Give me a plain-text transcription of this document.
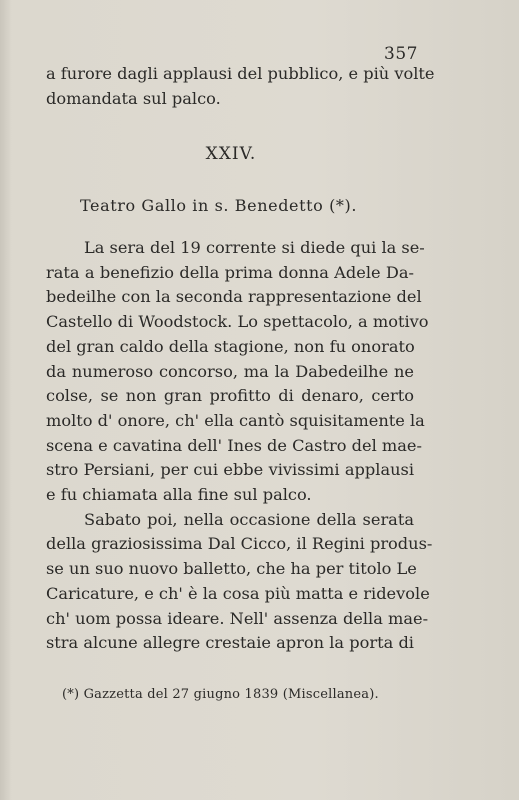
357
a furore dagli applausi del pubblico, e più volte
domandata sul palco.
XXIV.
Teatro Gallo in s. Benedetto (*).
La sera del 19 corrente si diede qui la se-
rata a benefizio della prima donna Adele Da-
bedeilhe con la seconda rappresentazione del
Castello di Woodstock. Lo spettacolo, a motivo
del gran caldo della stagione, non fu onorato
da numeroso concorso, ma la Dabedeilhe ne
colse, se non gran profitto di denaro, certo
molto d' onore, ch' ella cantò squisitamente la
scena e cavatina dell' Ines de Castro del mae-
stro Persiani, per cui ebbe vivissimi applausi
e fu chiamata alla fine sul palco.
Sabato poi, nella occasione della serata
della graziosissima Dal Cicco, il Regini produs-
se un suo nuovo balletto, che ha per titolo Le
Caricature, e ch' è la cosa più matta e ridevole
ch' uom possa ideare. Nell' assenza della mae-
stra alcune allegre crestaie apron la porta di
(*) Gazzetta del 27 giugno 1839 (Miscellanea).
